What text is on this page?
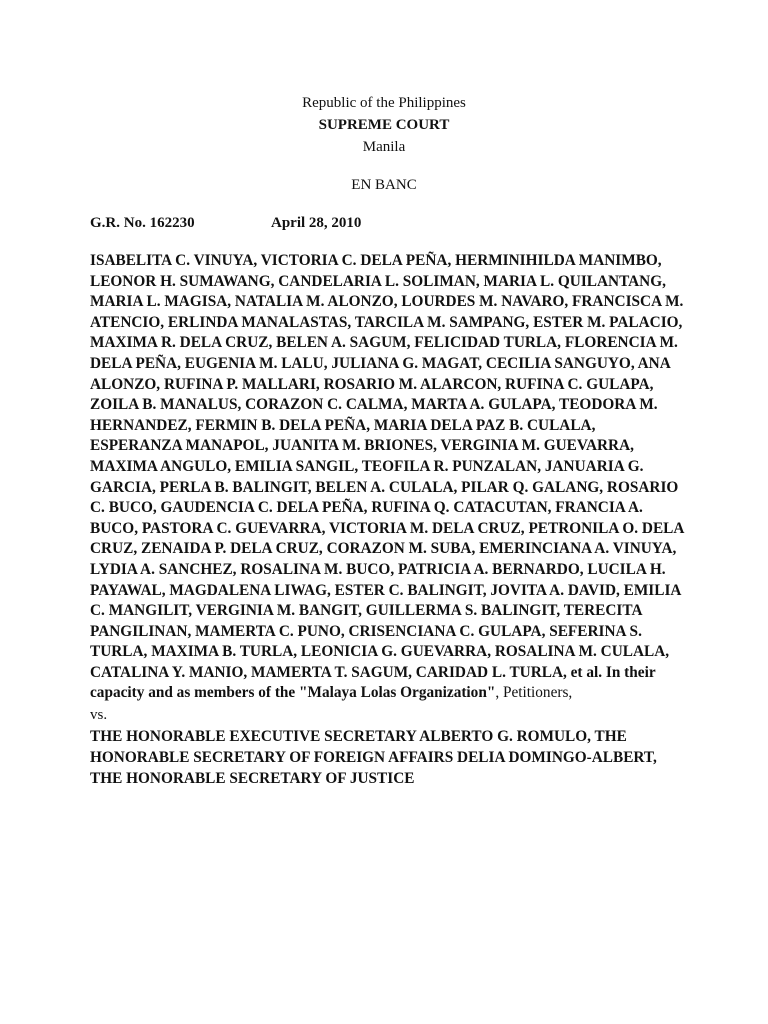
Republic of the Philippines
SUPREME COURT
Manila
EN BANC
G.R. No. 162230	April 28, 2010
ISABELITA C. VINUYA, VICTORIA C. DELA PEÑA, HERMINIHILDA MANIMBO, LEONOR H. SUMAWANG, CANDELARIA L. SOLIMAN, MARIA L. QUILANTANG, MARIA L. MAGISA, NATALIA M. ALONZO, LOURDES M. NAVARO, FRANCISCA M. ATENCIO, ERLINDA MANALASTAS, TARCILA M. SAMPANG, ESTER M. PALACIO, MAXIMA R. DELA CRUZ, BELEN A. SAGUM, FELICIDAD TURLA, FLORENCIA M. DELA PEÑA, EUGENIA M. LALU, JULIANA G. MAGAT, CECILIA SANGUYO, ANA ALONZO, RUFINA P. MALLARI, ROSARIO M. ALARCON, RUFINA C. GULAPA, ZOILA B. MANALUS, CORAZON C. CALMA, MARTA A. GULAPA, TEODORA M. HERNANDEZ, FERMIN B. DELA PEÑA, MARIA DELA PAZ B. CULALA, ESPERANZA MANAPOL, JUANITA M. BRIONES, VERGINIA M. GUEVARRA, MAXIMA ANGULO, EMILIA SANGIL, TEOFILA R. PUNZALAN, JANUARIA G. GARCIA, PERLA B. BALINGIT, BELEN A. CULALA, PILAR Q. GALANG, ROSARIO C. BUCO, GAUDENCIA C. DELA PEÑA, RUFINA Q. CATACUTAN, FRANCIA A. BUCO, PASTORA C. GUEVARRA, VICTORIA M. DELA CRUZ, PETRONILA O. DELA CRUZ, ZENAIDA P. DELA CRUZ, CORAZON M. SUBA, EMERINCIANA A. VINUYA, LYDIA A. SANCHEZ, ROSALINA M. BUCO, PATRICIA A. BERNARDO, LUCILA H. PAYAWAL, MAGDALENA LIWAG, ESTER C. BALINGIT, JOVITA A. DAVID, EMILIA C. MANGILIT, VERGINIA M. BANGIT, GUILLERMA S. BALINGIT, TERECITA PANGILINAN, MAMERTA C. PUNO, CRISENCIANA C. GULAPA, SEFERINA S. TURLA, MAXIMA B. TURLA, LEONICIA G. GUEVARRA, ROSALINA M. CULALA, CATALINA Y. MANIO, MAMERTA T. SAGUM, CARIDAD L. TURLA, et al. In their capacity and as members of the "Malaya Lolas Organization", Petitioners,
vs.
THE HONORABLE EXECUTIVE SECRETARY ALBERTO G. ROMULO, THE HONORABLE SECRETARY OF FOREIGN AFFAIRS DELIA DOMINGO-ALBERT, THE HONORABLE SECRETARY OF JUSTICE
